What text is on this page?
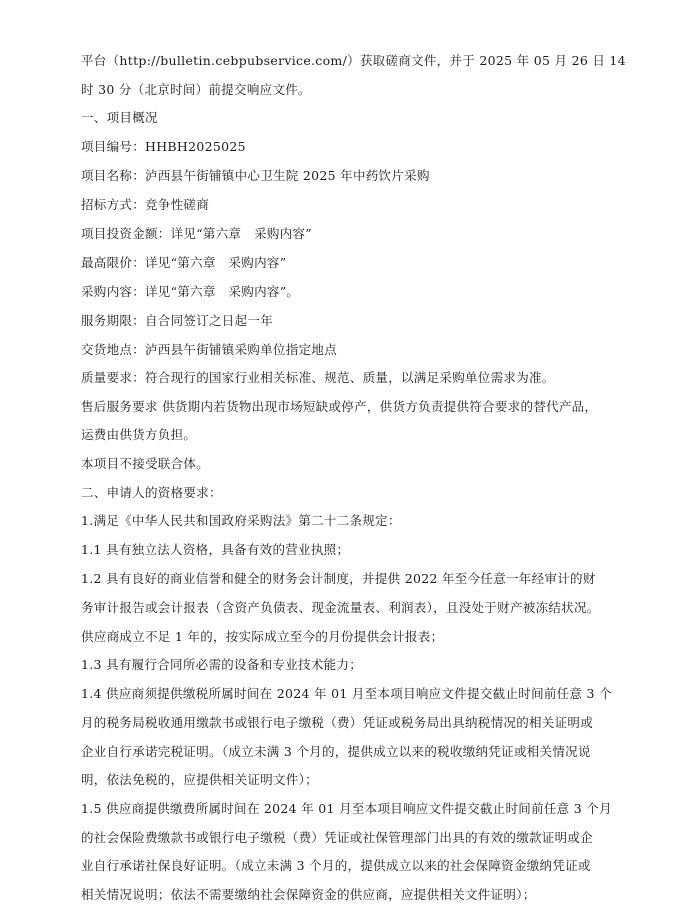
平台（http://bulletin.cebpubservice.com/）获取磋商文件，并于 2025 年 05 月 26 日 14
时 30 分（北京时间）前提交响应文件。
一、项目概况
项目编号：HHBH2025025
项目名称：泸西县午街铺镇中心卫生院 2025 年中药饮片采购
招标方式：竞争性磋商
项目投资金额：详见“第六章　采购内容”
最高限价：详见“第六章　采购内容”
采购内容：详见“第六章　采购内容”。
服务期限：自合同签订之日起一年
交货地点：泸西县午街铺镇采购单位指定地点
质量要求：符合现行的国家行业相关标准、规范、质量，以满足采购单位需求为准。
售后服务要求 供货期内若货物出现市场短缺或停产，供货方负责提供符合要求的替代产品，
运费由供货方负担。
本项目不接受联合体。
二、申请人的资格要求：
1.满足《中华人民共和国政府采购法》第二十二条规定：
1.1 具有独立法人资格，具备有效的营业执照；
1.2 具有良好的商业信誉和健全的财务会计制度，并提供 2022 年至今任意一年经审计的财
务审计报告或会计报表（含资产负债表、现金流量表、利润表），且没处于财产被冻结状况。
供应商成立不足 1 年的，按实际成立至今的月份提供会计报表；
1.3 具有履行合同所必需的设备和专业技术能力；
1.4 供应商须提供缴税所属时间在 2024 年 01 月至本项目响应文件提交截止时间前任意 3 个
月的税务局税收通用缴款书或银行电子缴税（费）凭证或税务局出具纳税情况的相关证明或
企业自行承诺完税证明。（成立未满 3 个月的，提供成立以来的税收缴纳凭证或相关情况说
明，依法免税的，应提供相关证明文件）；
1.5 供应商提供缴费所属时间在 2024 年 01 月至本项目响应文件提交截止时间前任意 3 个月
的社会保险费缴款书或银行电子缴税（费）凭证或社保管理部门出具的有效的缴款证明或企
业自行承诺社保良好证明。（成立未满 3 个月的，提供成立以来的社会保障资金缴纳凭证或
相关情况说明；依法不需要缴纳社会保障资金的供应商，应提供相关文件证明）；
